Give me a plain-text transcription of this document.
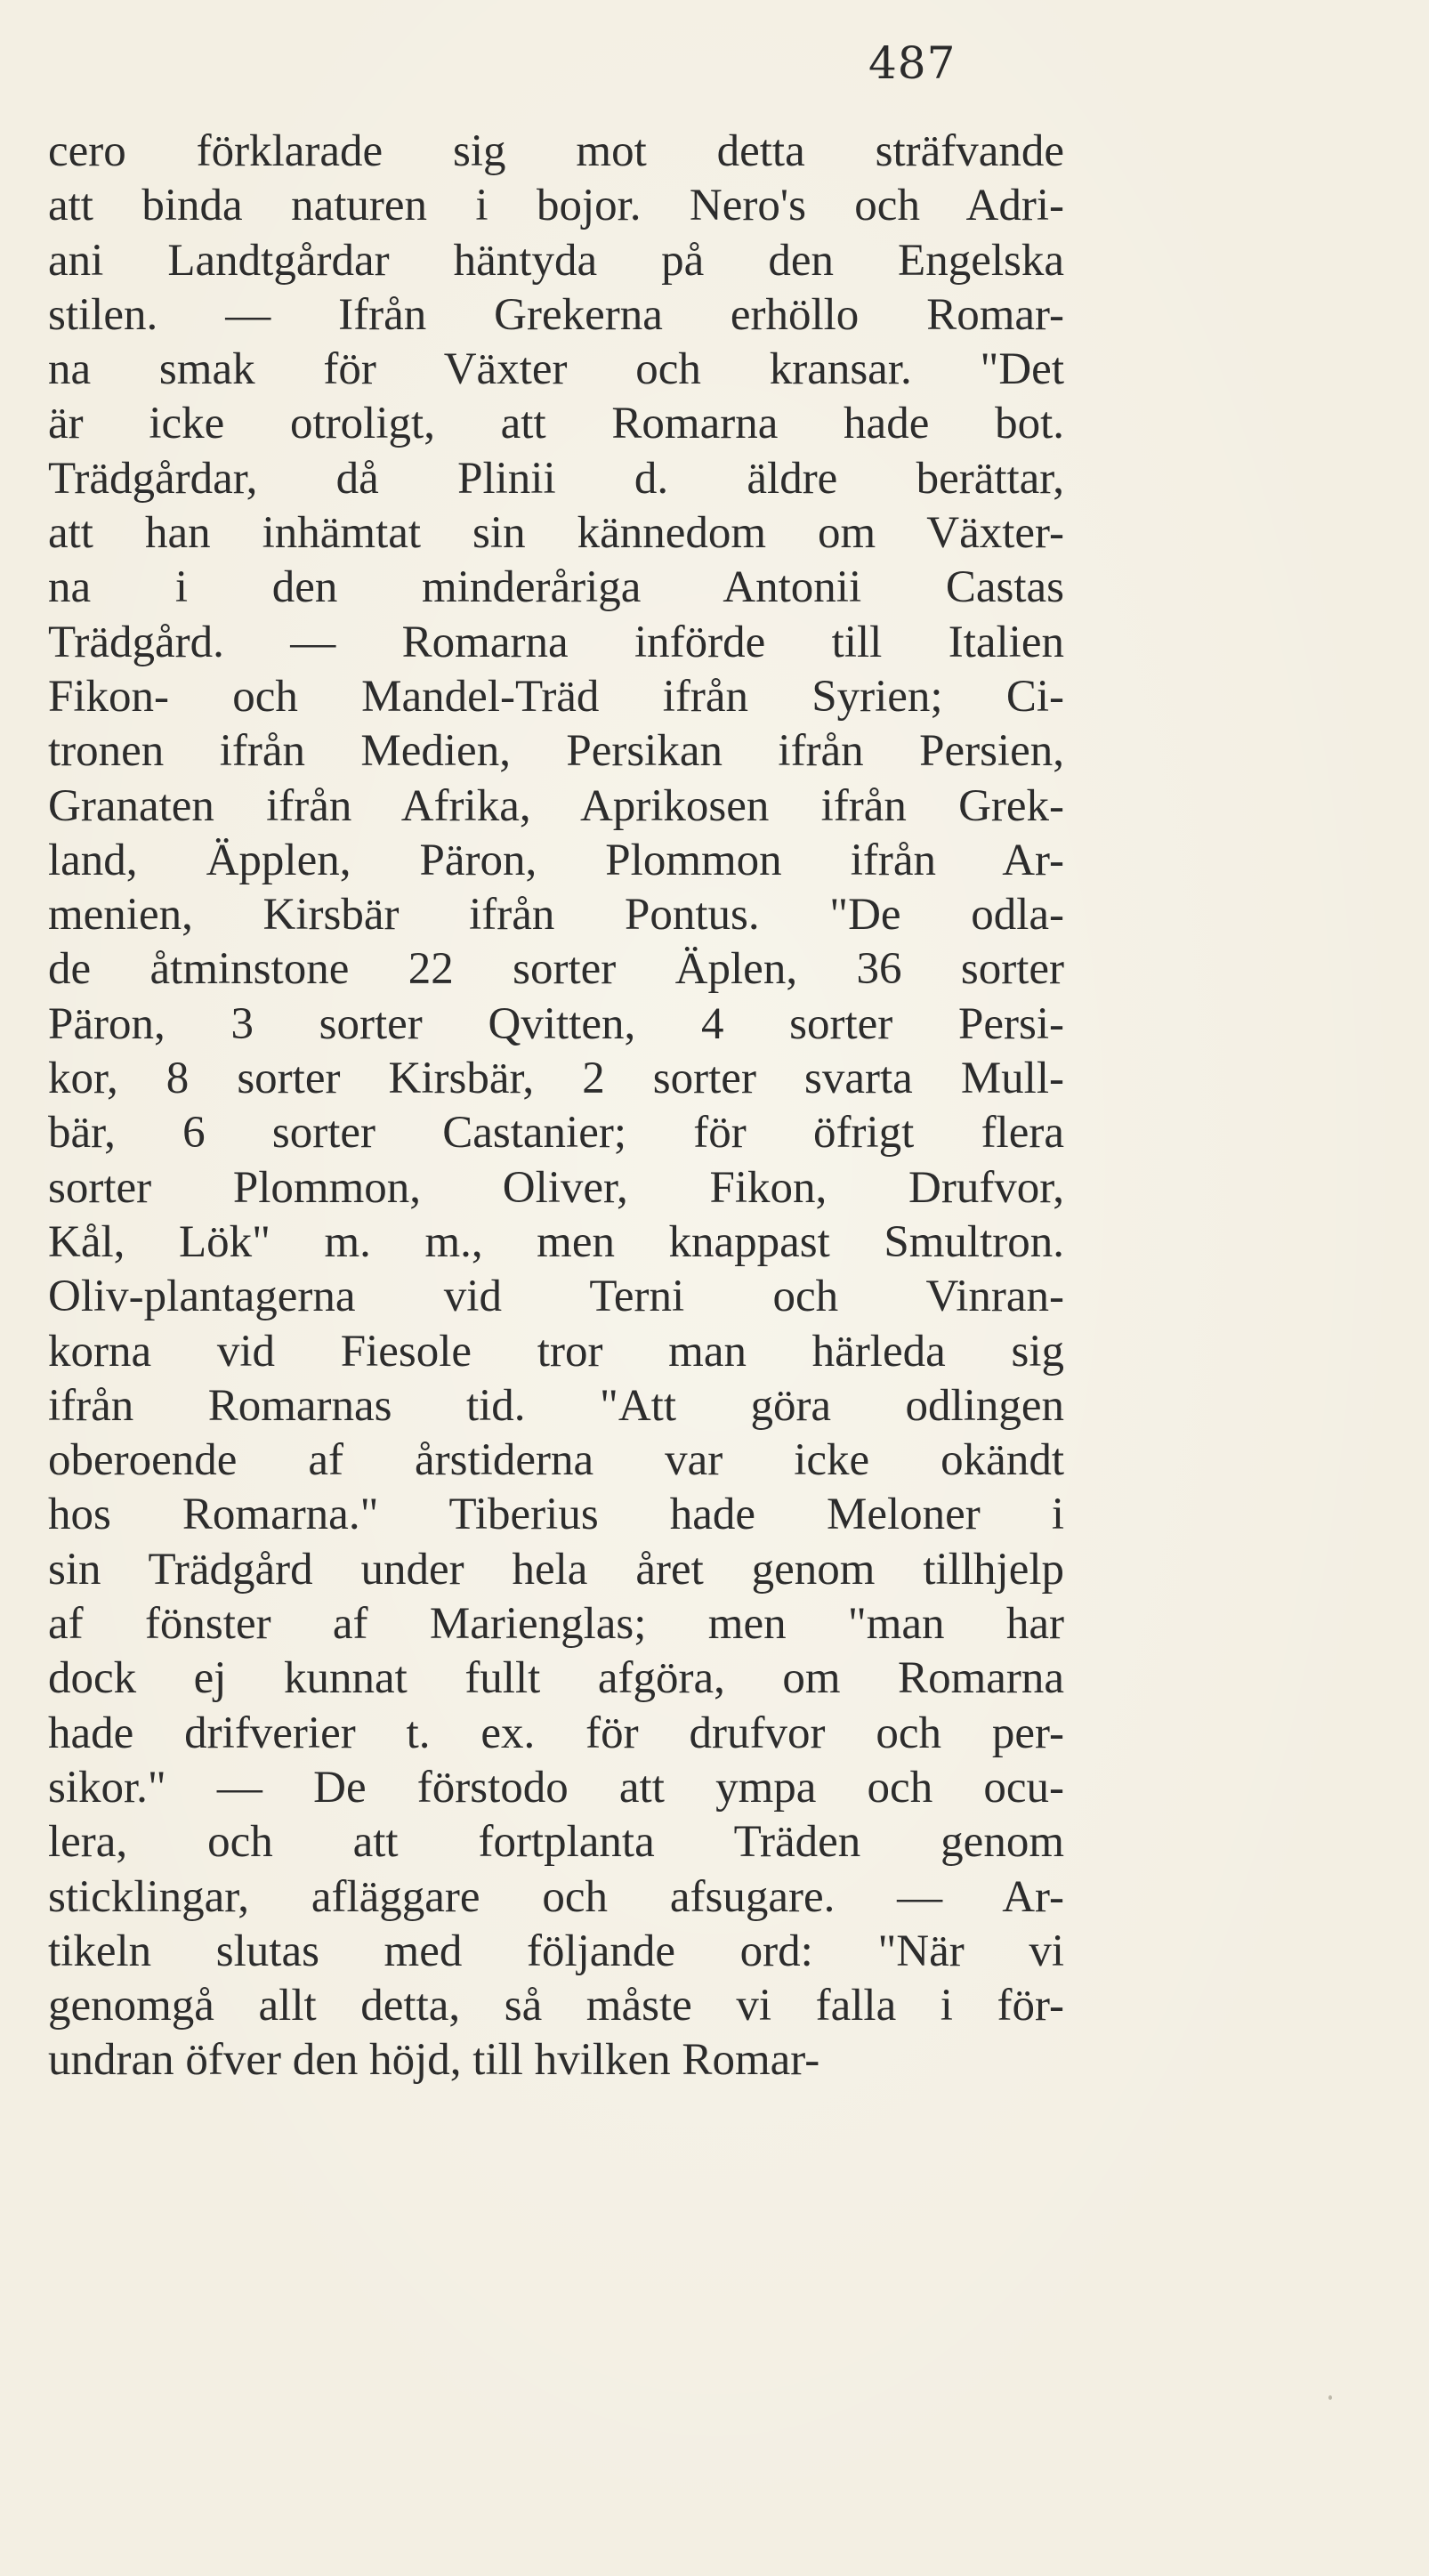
487
cero förklarade sig mot detta sträfvande
att binda naturen i bojor. Nero's och Adri-
ani Landtgårdar häntyda på den Engelska
stilen. — Ifrån Grekerna erhöllo Romar-
na smak för Växter och kransar. "Det
är icke otroligt, att Romarna hade bot.
Trädgårdar, då Plinii d. äldre berättar,
att han inhämtat sin kännedom om Växter-
na i den minderåriga Antonii Castas
Trädgård. — Romarna införde till Italien
Fikon- och Mandel-Träd ifrån Syrien; Ci-
tronen ifrån Medien, Persikan ifrån Persien,
Granaten ifrån Afrika, Aprikosen ifrån Grek-
land, Äpplen, Päron, Plommon ifrån Ar-
menien, Kirsbär ifrån Pontus. "De odla-
de åtminstone 22 sorter Äplen, 36 sorter
Päron, 3 sorter Qvitten, 4 sorter Persi-
kor, 8 sorter Kirsbär, 2 sorter svarta Mull-
bär, 6 sorter Castanier; för öfrigt flera
sorter Plommon, Oliver, Fikon, Drufvor,
Kål, Lök" m. m., men knappast Smultron.
Oliv-plantagerna vid Terni och Vinran-
korna vid Fiesole tror man härleda sig
ifrån Romarnas tid. "Att göra odlingen
oberoende af årstiderna var icke okändt
hos Romarna." Tiberius hade Meloner i
sin Trädgård under hela året genom tillhjelp
af fönster af Marienglas; men "man har
dock ej kunnat fullt afgöra, om Romarna
hade drifverier t. ex. för drufvor och per-
sikor." — De förstodo att ympa och ocu-
lera, och att fortplanta Träden genom
sticklingar, afläggare och afsugare. — Ar-
tikeln slutas med följande ord: "När vi
genomgå allt detta, så måste vi falla i för-
undran öfver den höjd, till hvilken Romar-
